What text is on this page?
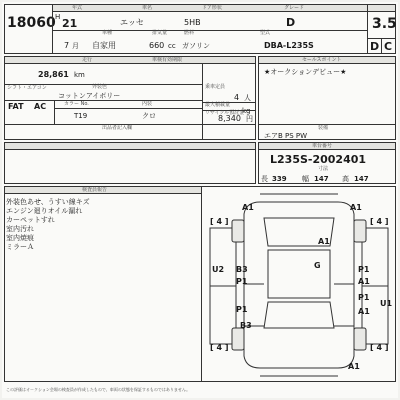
18060
年式	車名	ドア形状	グレード
H 21	エッセ	5HB	D
車種	排気量	燃料	型式
7 月 自家用	660 cc ガソリン	DBA-L235S
3.5
D C
走行	車検有効期限
28,861 km
乗車定員
4 人
外装色
コットンアイボリー
最大積載量
kg
シフト・エアコン
FAT AC	カラー No.	内装
T19	クロ	リサイクル預託金
8,340 円
出品者記入欄
セールスポイント
★オークションデビュー★
装備
エアB PS PW
車台番号
L235S-2002401
寸法
長 339 幅 147 高 147
検査員報告
外装色あせ、うすい線キズ
エンジン廻りオイル漏れ
カーペットすれ
室内汚れ
室内焼痕
ミラーＡ
A1	A1
A1
G
U2 B3
P1
B3
P1
P1
A1
P1
A1
U1
A1
[ 4 ]	[ 4 ]
[ 4 ]	[ 4 ]
この評価はオークション会場の検査員が作成したもので、車両の状態を保証するものではありません。
